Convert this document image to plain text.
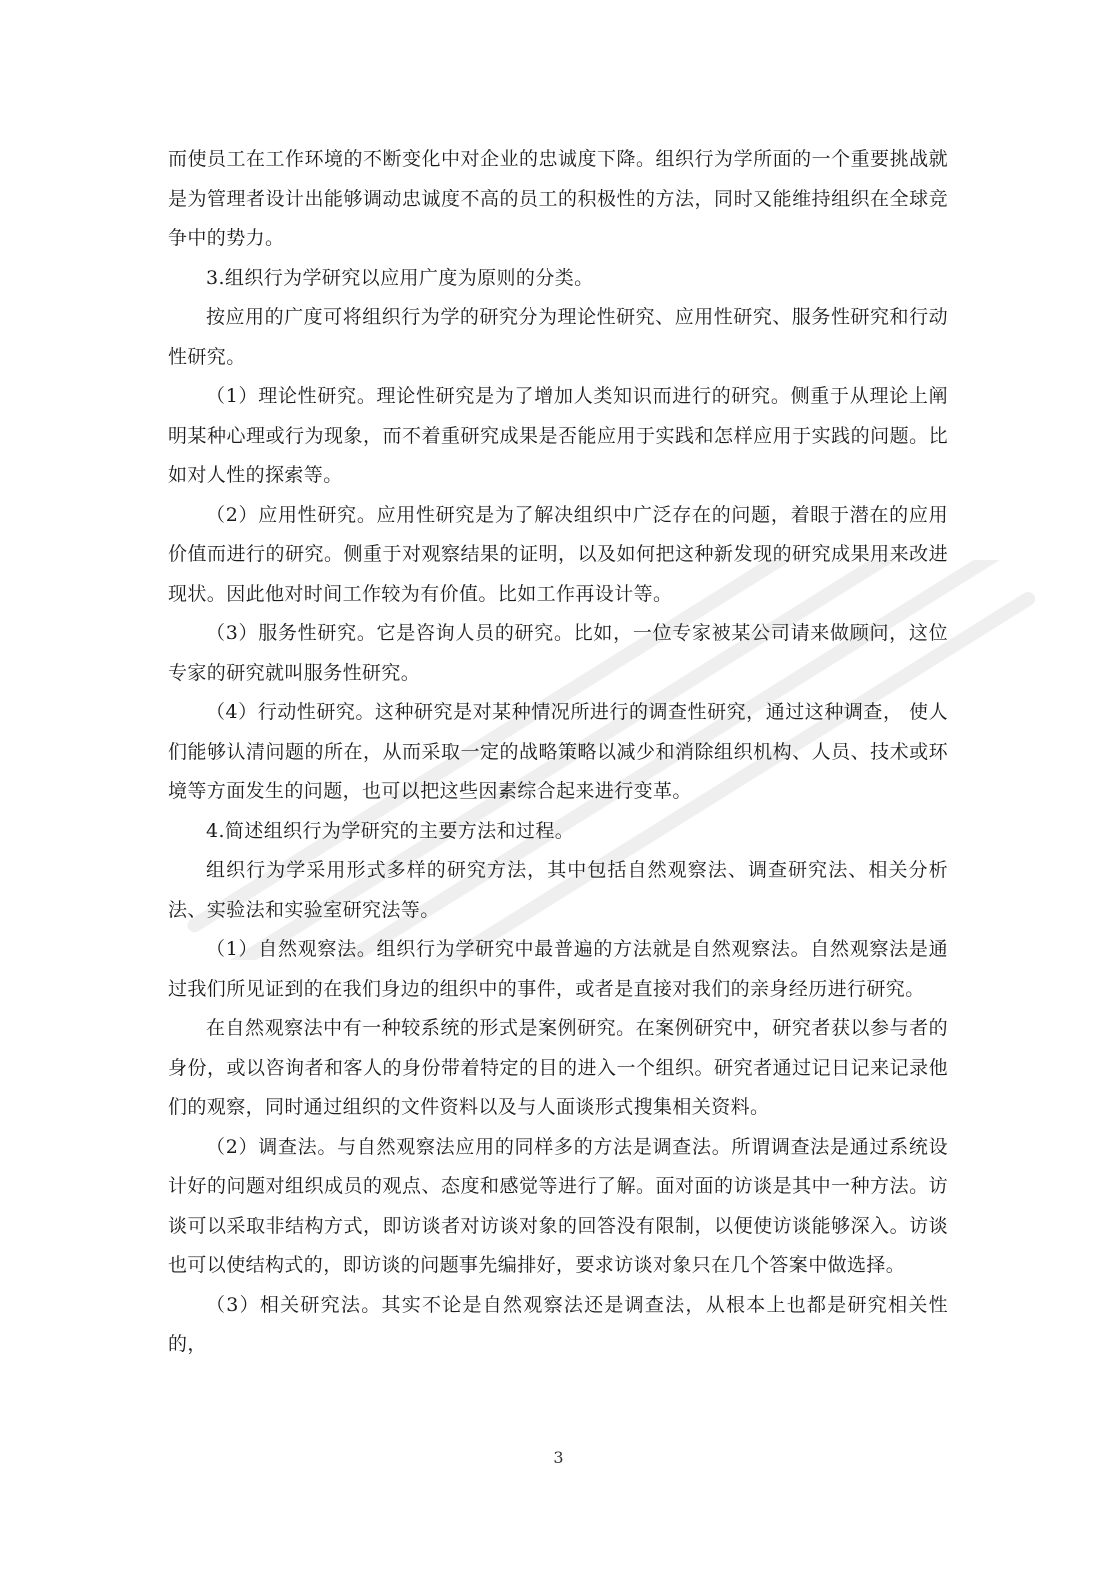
而使员工在工作环境的不断变化中对企业的忠诚度下降。组织行为学所面的一个重要挑战就是为管理者设计出能够调动忠诚度不高的员工的积极性的方法，同时又能维持组织在全球竞争中的势力。

3.组织行为学研究以应用广度为原则的分类。

按应用的广度可将组织行为学的研究分为理论性研究、应用性研究、服务性研究和行动性研究。

（1）理论性研究。理论性研究是为了增加人类知识而进行的研究。侧重于从理论上阐明某种心理或行为现象，而不着重研究成果是否能应用于实践和怎样应用于实践的问题。比如对人性的探索等。

（2）应用性研究。应用性研究是为了解决组织中广泛存在的问题，着眼于潜在的应用价值而进行的研究。侧重于对观察结果的证明，以及如何把这种新发现的研究成果用来改进现状。因此他对时间工作较为有价值。比如工作再设计等。

（3）服务性研究。它是咨询人员的研究。比如，一位专家被某公司请来做顾问，这位专家的研究就叫服务性研究。

（4）行动性研究。这种研究是对某种情况所进行的调查性研究，通过这种调查， 使人们能够认清问题的所在，从而采取一定的战略策略以减少和消除组织机构、人员、技术或环境等方面发生的问题，也可以把这些因素综合起来进行变革。

4.简述组织行为学研究的主要方法和过程。

组织行为学采用形式多样的研究方法，其中包括自然观察法、调查研究法、相关分析法、实验法和实验室研究法等。

（1）自然观察法。组织行为学研究中最普遍的方法就是自然观察法。自然观察法是通过我们所见证到的在我们身边的组织中的事件，或者是直接对我们的亲身经历进行研究。

在自然观察法中有一种较系统的形式是案例研究。在案例研究中，研究者获以参与者的身份，或以咨询者和客人的身份带着特定的目的进入一个组织。研究者通过记日记来记录他们的观察，同时通过组织的文件资料以及与人面谈形式搜集相关资料。

（2）调查法。与自然观察法应用的同样多的方法是调查法。所谓调查法是通过系统设计好的问题对组织成员的观点、态度和感觉等进行了解。面对面的访谈是其中一种方法。访谈可以采取非结构方式，即访谈者对访谈对象的回答没有限制，以便使访谈能够深入。访谈也可以使结构式的，即访谈的问题事先编排好，要求访谈对象只在几个答案中做选择。

（3）相关研究法。其实不论是自然观察法还是调查法，从根本上也都是研究相关性的，

3
